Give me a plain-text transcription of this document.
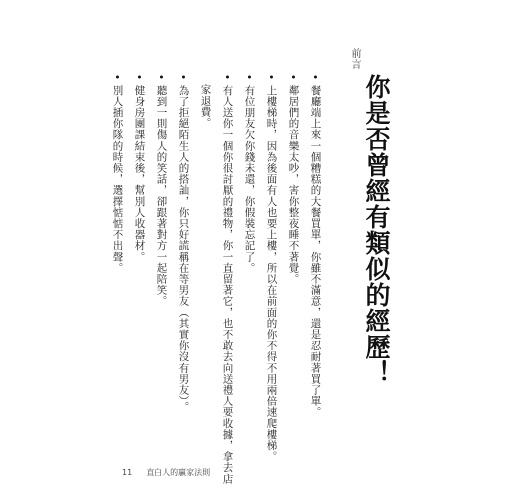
前言
你是否曾經有類似的經歷！
•餐廳端上來一個糟糕的大餐買單，你雖不滿意，還是忍耐著買了單。
•鄰居們的音樂太吵，害你整夜睡不著覺。
•上樓梯時，因為後面有人也要上樓，所以在前面的你不得不用兩倍速爬樓梯。
•有位朋友欠你錢未還，你假裝忘記了。
•有人送你一個你很討厭的禮物，你一直留著它，也不敢去向送禮人要收據，拿去店
家退費。
•為了拒絕陌生人的搭訕，你只好謊稱在等男友（其實你沒有男友）。
•聽到一則傷人的笑話，卻跟著對方一起陪笑。
•健身房團課結束後，幫別人收器材。
•別人插你隊的時候，選擇惦惦不出聲。
11 直白人的贏家法則
